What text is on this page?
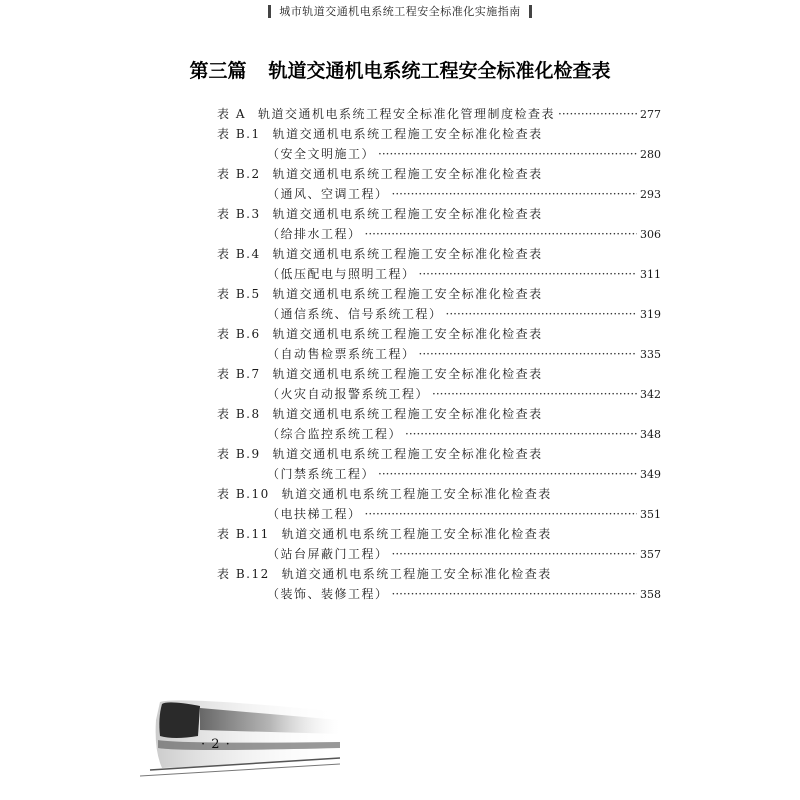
城市轨道交通机电系统工程安全标准化实施指南
第三篇 轨道交通机电系统工程安全标准化检查表
表 A 轨道交通机电系统工程安全标准化管理制度检查表 ·····	277
表 B.1 轨道交通机电系统工程施工安全标准化检查表
（安全文明施工） ·····	280
表 B.2 轨道交通机电系统工程施工安全标准化检查表
（通风、空调工程） ·····	293
表 B.3 轨道交通机电系统工程施工安全标准化检查表
（给排水工程） ·····	306
表 B.4 轨道交通机电系统工程施工安全标准化检查表
（低压配电与照明工程） ·····	311
表 B.5 轨道交通机电系统工程施工安全标准化检查表
（通信系统、信号系统工程） ·····	319
表 B.6 轨道交通机电系统工程施工安全标准化检查表
（自动售检票系统工程） ·····	335
表 B.7 轨道交通机电系统工程施工安全标准化检查表
（火灾自动报警系统工程） ·····	342
表 B.8 轨道交通机电系统工程施工安全标准化检查表
（综合监控系统工程） ·····	348
表 B.9 轨道交通机电系统工程施工安全标准化检查表
（门禁系统工程） ·····	349
表 B.10 轨道交通机电系统工程施工安全标准化检查表
（电扶梯工程） ·····	351
表 B.11 轨道交通机电系统工程施工安全标准化检查表
（站台屏蔽门工程） ·····	357
表 B.12 轨道交通机电系统工程施工安全标准化检查表
（装饰、装修工程） ·····	358
· 2 ·
